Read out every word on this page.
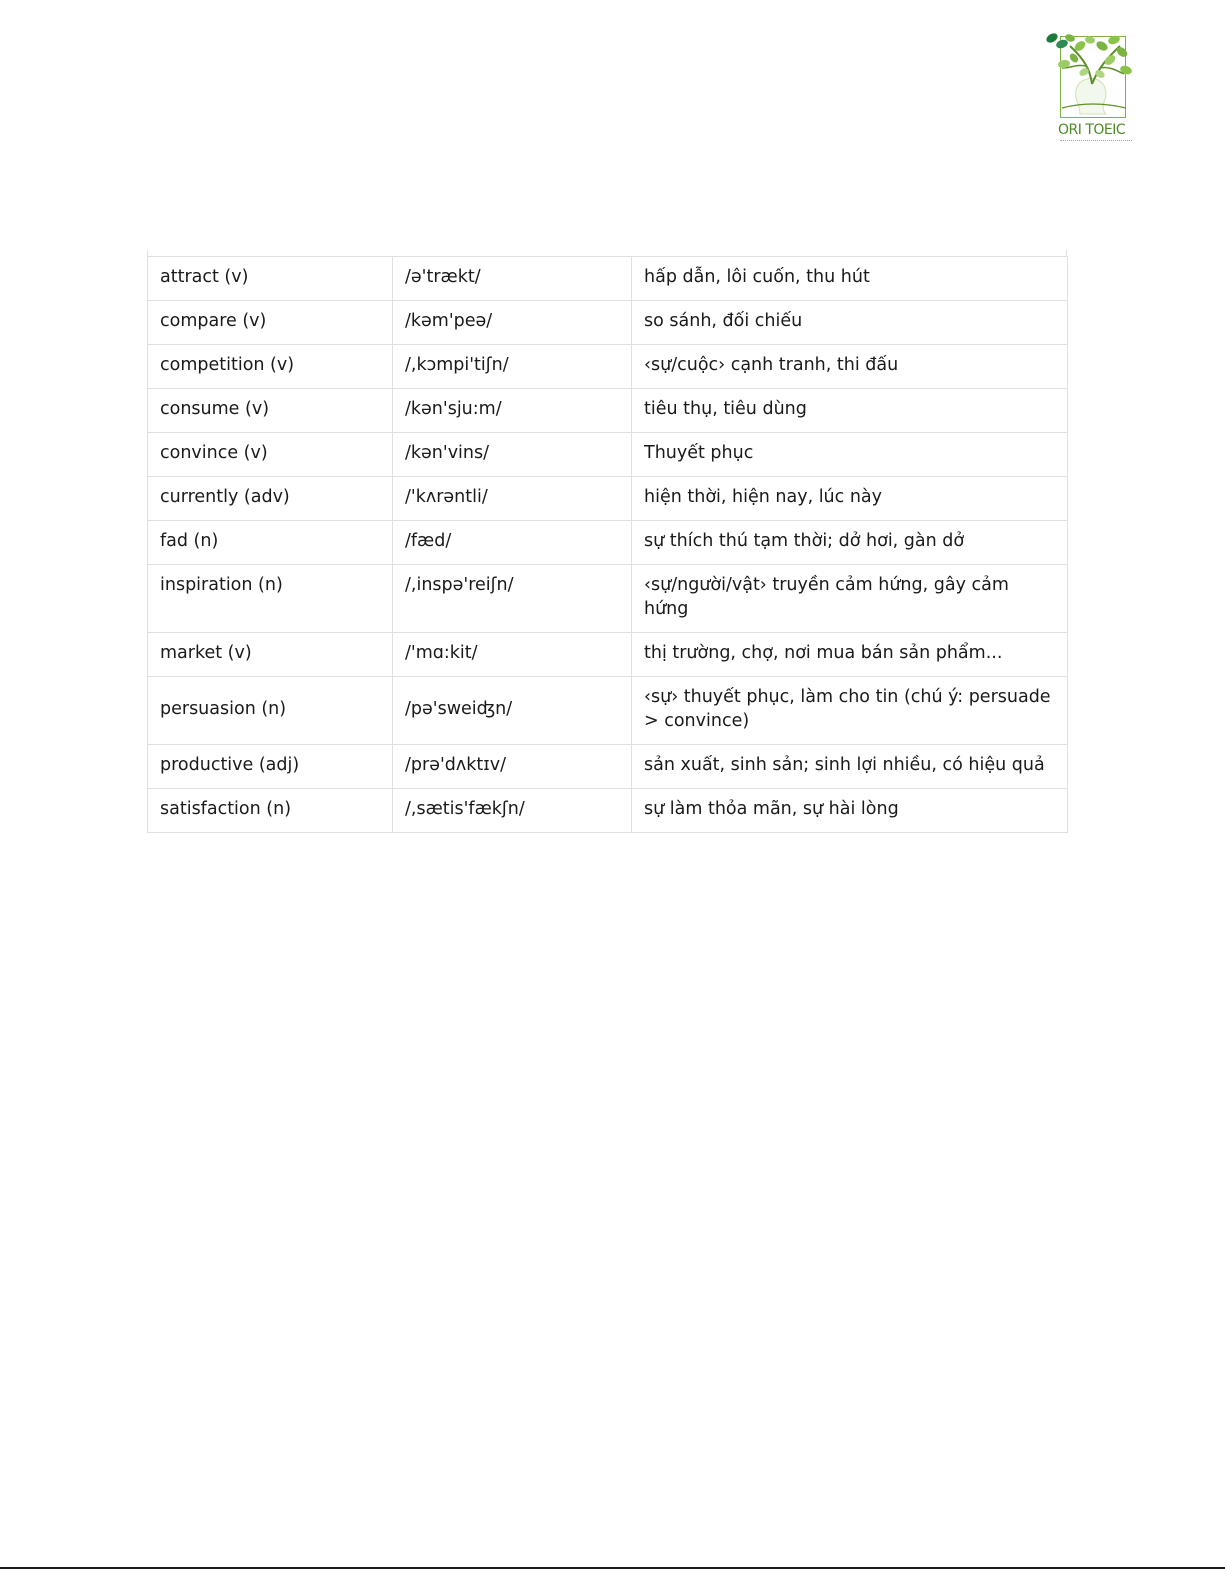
ORI TOEIC
attract (v)	/ə'trækt/	hấp dẫn, lôi cuốn, thu hút
compare (v)	/kəm'peə/	so sánh, đối chiếu
competition (v)	/,kɔmpi'tiʃn/	‹sự/cuộc› cạnh tranh, thi đấu
consume (v)	/kən'sju:m/	tiêu thụ, tiêu dùng
convince (v)	/kən'vins/	Thuyết phục
currently (adv)	/'kʌrəntli/	hiện thời, hiện nay, lúc này
fad (n)	/fæd/	sự thích thú tạm thời; dở hơi, gàn dở
inspiration (n)	/,inspə'reiʃn/	‹sự/người/vật› truyền cảm hứng, gây cảm hứng
market (v)	/'mɑ:kit/	thị trường, chợ, nơi mua bán sản phẩm...
persuasion (n)	/pə'sweiʤn/	‹sự› thuyết phục, làm cho tin (chú ý: persuade > convince)
productive (adj)	/prə'dʌktɪv/	sản xuất, sinh sản; sinh lợi nhiều, có hiệu quả
satisfaction (n)	/,sætis'fækʃn/	sự làm thỏa mãn, sự hài lòng
